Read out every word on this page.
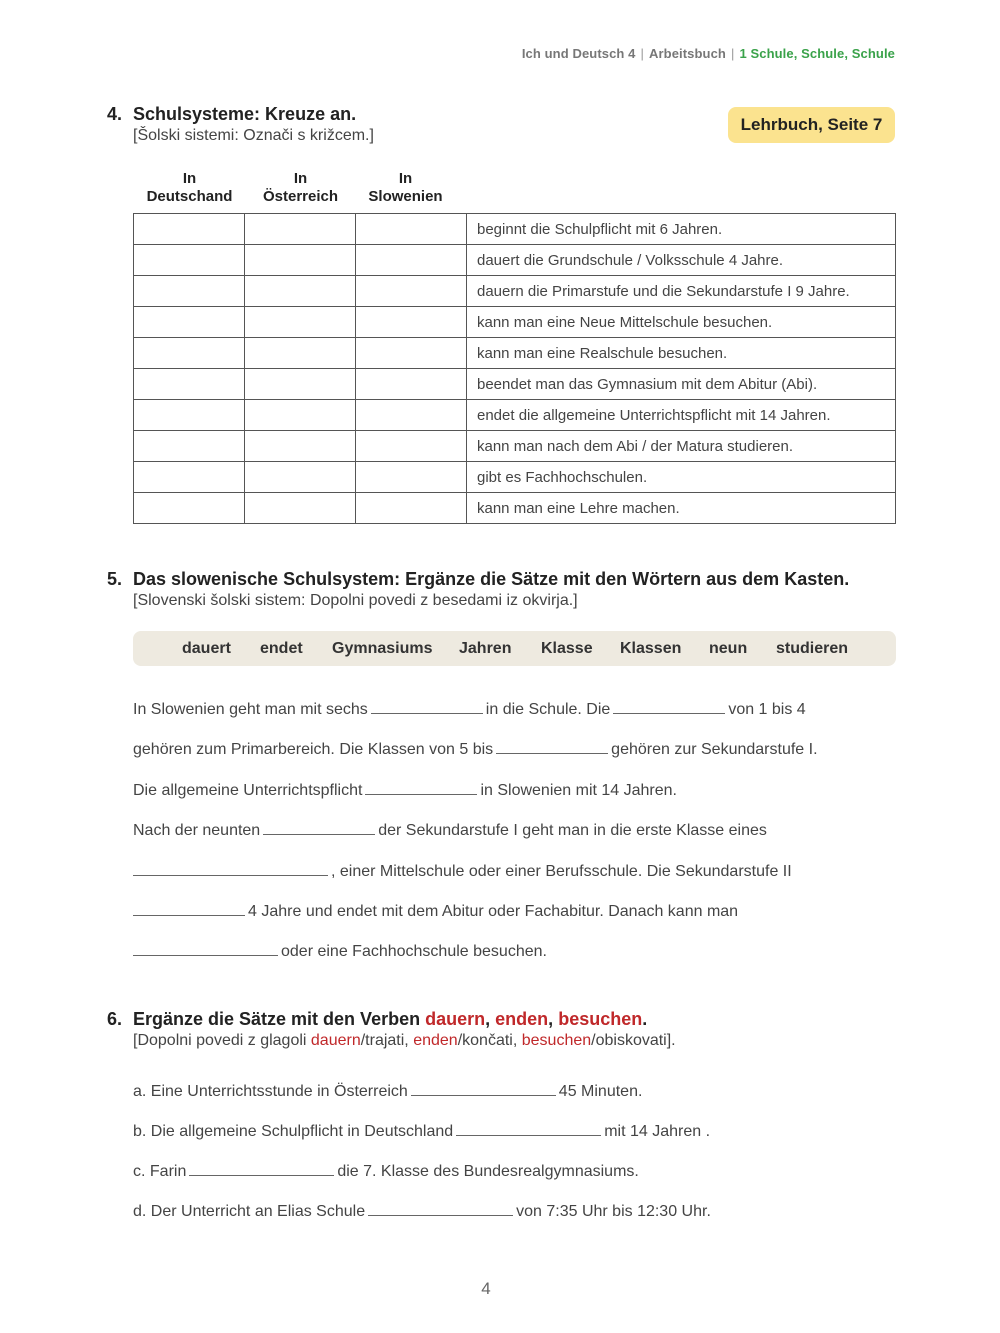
Ich und Deutsch 4 | Arbeitsbuch | 1 Schule, Schule, Schule
4. Schulsysteme: Kreuze an.
[Šolski sistemi: Označi s križcem.]
Lehrbuch, Seite 7
In
Deutschand
In
Österreich
In
Slowenien
			beginnt die Schulpflicht mit 6 Jahren.
			dauert die Grundschule / Volksschule 4 Jahre.
			dauern die Primarstufe und die Sekundarstufe I 9 Jahre.
			kann man eine Neue Mittelschule besuchen.
			kann man eine Realschule besuchen.
			beendet man das Gymnasium mit dem Abitur (Abi).
			endet die allgemeine Unterrichtspflicht mit 14 Jahren.
			kann man nach dem Abi / der Matura studieren.
			gibt es Fachhochschulen.
			kann man eine Lehre machen.
5. Das slowenische Schulsystem: Ergänze die Sätze mit den Wörtern aus dem Kasten.
[Slovenski šolski sistem: Dopolni povedi z besedami iz okvirja.]
dauert endet Gymnasiums Jahren Klasse Klassen neun studieren
In Slowenien geht man mit sechs	in die Schule. Die	von 1 bis 4
gehören zum Primarbereich. Die Klassen von 5 bis	gehören zur Sekundarstufe I.
Die allgemeine Unterrichtspflicht	in Slowenien mit 14 Jahren.
Nach der neunten	der Sekundarstufe I geht man in die erste Klasse eines
, einer Mittelschule oder einer Berufsschule. Die Sekundarstufe II
4 Jahre und endet mit dem Abitur oder Fachabitur. Danach kann man
oder eine Fachhochschule besuchen.
6. Ergänze die Sätze mit den Verben dauern, enden, besuchen.
[Dopolni povedi z glagoli dauern/trajati, enden/končati, besuchen/obiskovati].
a. Eine Unterrichtsstunde in Österreich	45 Minuten.
b. Die allgemeine Schulpflicht in Deutschland	mit 14 Jahren .
c. Farin	die 7. Klasse des Bundesrealgymnasiums.
d. Der Unterricht an Elias Schule	von 7:35 Uhr bis 12:30 Uhr.
4
